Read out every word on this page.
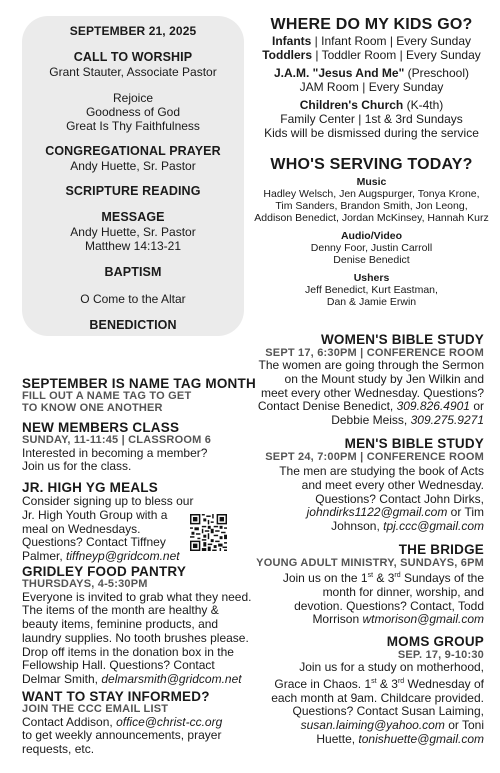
SEPTEMBER 21, 2025
CALL TO WORSHIP
Grant Stauter, Associate Pastor
Rejoice
Goodness of God
Great Is Thy Faithfulness
CONGREGATIONAL PRAYER
Andy Huette, Sr. Pastor
SCRIPTURE READING
MESSAGE
Andy Huette, Sr. Pastor
Matthew 14:13-21
BAPTISM
O Come to the Altar
BENEDICTION
WHERE DO MY KIDS GO?
Infants | Infant Room | Every Sunday
Toddlers | Toddler Room | Every Sunday
J.A.M. "Jesus And Me" (Preschool)
JAM Room | Every Sunday
Children's Church (K-4th)
Family Center | 1st & 3rd Sundays
Kids will be dismissed during the service
WHO'S SERVING TODAY?
Music
Hadley Welsch, Jen Augspurger, Tonya Krone,
Tim Sanders, Brandon Smith, Jon Leong,
Addison Benedict, Jordan McKinsey, Hannah Kurz
Audio/Video
Denny Foor, Justin Carroll
Denise Benedict
Ushers
Jeff Benedict, Kurt Eastman,
Dan & Jamie Erwin
WOMEN'S BIBLE STUDY
SEPT 17, 6:30PM | CONFERENCE ROOM
The women are going through the Sermon
on the Mount study by Jen Wilkin and
meet every other Wednesday. Questions?
Contact Denise Benedict, 309.826.4901 or
Debbie Meiss, 309.275.9271
MEN'S BIBLE STUDY
SEPT 24, 7:00PM | CONFERENCE ROOM
The men are studying the book of Acts
and meet every other Wednesday.
Questions? Contact John Dirks,
johndirks1122@gmail.com or Tim
Johnson, tpj.ccc@gmail.com
THE BRIDGE
YOUNG ADULT MINISTRY, SUNDAYS, 6PM
Join us on the 1st & 3rd Sundays of the
month for dinner, worship, and
devotion. Questions? Contact, Todd
Morrison wtmorison@gmail.com
MOMS GROUP
SEP. 17, 9-10:30
Join us for a study on motherhood,
Grace in Chaos. 1st & 3rd Wednesday of
each month at 9am. Childcare provided.
Questions? Contact Susan Laiming,
susan.laiming@yahoo.com or Toni
Huette, tonishuette@gmail.com
SEPTEMBER IS NAME TAG MONTH
FILL OUT A NAME TAG TO GET
TO KNOW ONE ANOTHER
NEW MEMBERS CLASS
SUNDAY, 11-11:45 | CLASSROOM 6
Interested in becoming a member?
Join us for the class.
JR. HIGH YG MEALS
Consider signing up to bless our
Jr. High Youth Group with a
meal on Wednesdays.
Questions? Contact Tiffney
Palmer, tiffneyp@gridcom.net
GRIDLEY FOOD PANTRY
THURSDAYS, 4-5:30PM
Everyone is invited to grab what they need.
The items of the month are healthy &
beauty items, feminine products, and
laundry supplies. No tooth brushes please.
Drop off items in the donation box in the
Fellowship Hall. Questions? Contact
Delmar Smith, delmarsmith@gridcom.net
WANT TO STAY INFORMED?
JOIN THE CCC EMAIL LIST
Contact Addison, office@christ-cc.org
to get weekly announcements, prayer
requests, etc.
